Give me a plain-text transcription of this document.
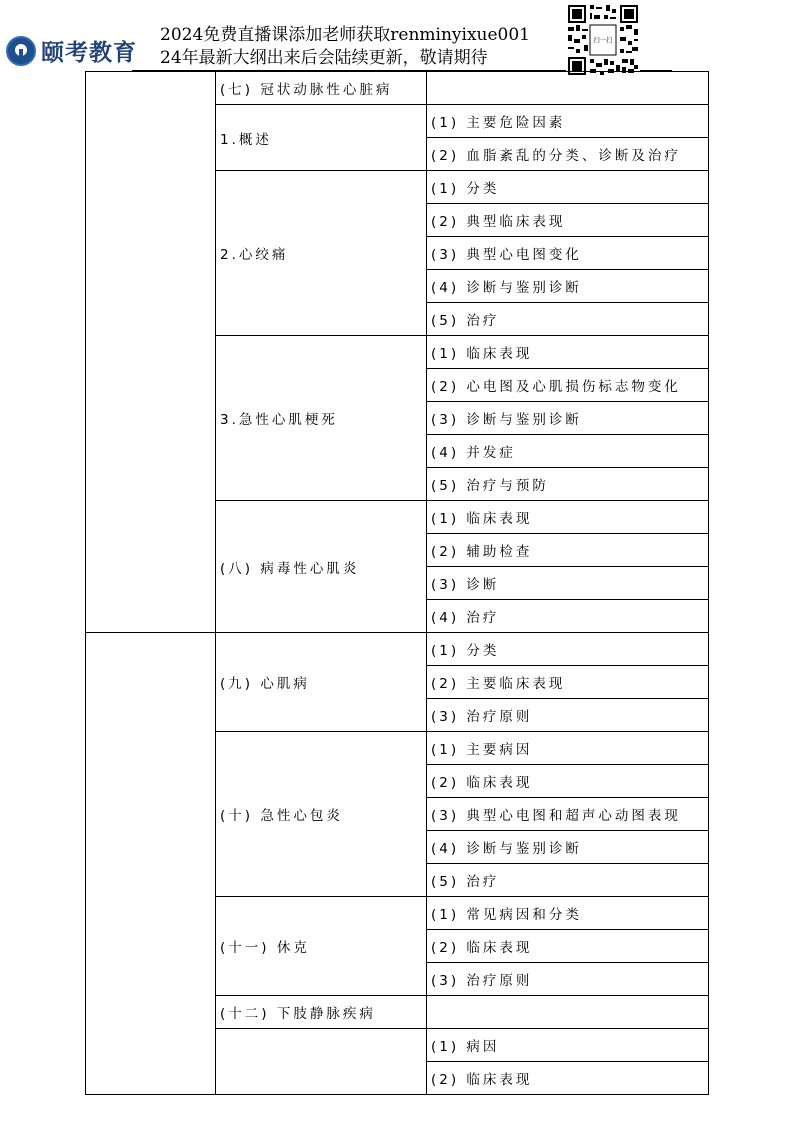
颐考教育
2024免费直播课添加老师获取renminyixue001
24年最新大纲出来后会陆续更新，敬请期待
扫一扫
	(七) 冠状动脉性心脏病	
	1.概述	(1) 主要危险因素
		(2) 血脂紊乱的分类、诊断及治疗
	2.心绞痛	(1) 分类
		(2) 典型临床表现
		(3) 典型心电图变化
		(4) 诊断与鉴别诊断
		(5) 治疗
	3.急性心肌梗死	(1) 临床表现
		(2) 心电图及心肌损伤标志物变化
		(3) 诊断与鉴别诊断
		(4) 并发症
		(5) 治疗与预防
	(八) 病毒性心肌炎	(1) 临床表现
		(2) 辅助检查
		(3) 诊断
		(4) 治疗
	(九) 心肌病	(1) 分类
		(2) 主要临床表现
		(3) 治疗原则
	(十) 急性心包炎	(1) 主要病因
		(2) 临床表现
		(3) 典型心电图和超声心动图表现
		(4) 诊断与鉴别诊断
		(5) 治疗
	(十一) 休克	(1) 常见病因和分类
		(2) 临床表现
		(3) 治疗原则
	(十二) 下肢静脉疾病	
		(1) 病因
		(2) 临床表现
